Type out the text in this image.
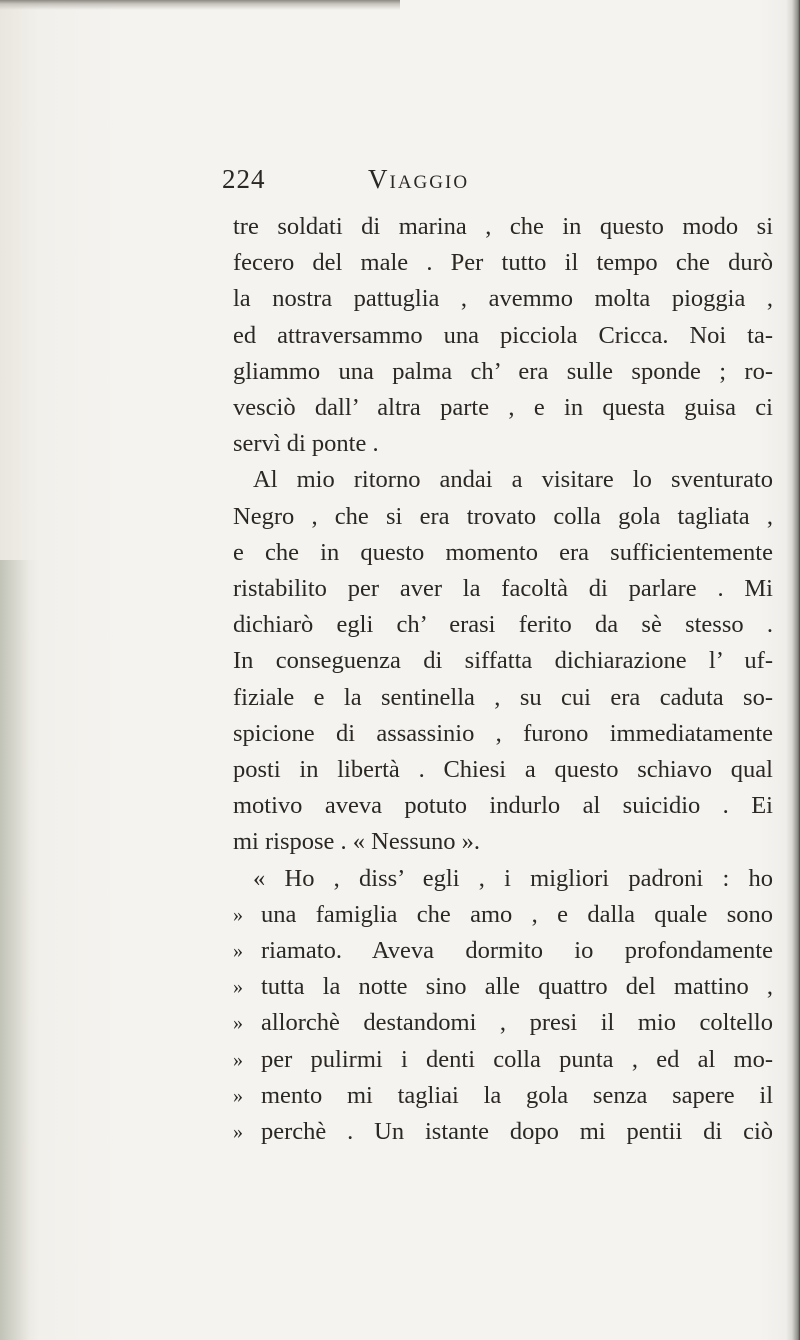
224	Viaggio
tre soldati di marina , che in questo modo si
fecero del male . Per tutto il tempo che durò
la nostra pattuglia , avemmo molta pioggia ,
ed attraversammo una picciola Cricca. Noi ta-
gliammo una palma ch’ era sulle sponde ; ro-
vesciò dall’ altra parte , e in questa guisa ci
servì di ponte .
Al mio ritorno andai a visitare lo sventurato
Negro , che si era trovato colla gola tagliata ,
e che in questo momento era sufficientemente
ristabilito per aver la facoltà di parlare . Mi
dichiarò egli ch’ erasi ferito da sè stesso .
In conseguenza di siffatta dichiarazione l’ uf-
fiziale e la sentinella , su cui era caduta so-
spicione di assassinio , furono immediatamente
posti in libertà . Chiesi a questo schiavo qual
motivo aveva potuto indurlo al suicidio . Ei
mi rispose . « Nessuno ».
« Ho , diss’ egli , i migliori padroni : ho
» una famiglia che amo , e dalla quale sono
» riamato. Aveva dormito io profondamente
» tutta la notte sino alle quattro del mattino ,
» allorchè destandomi , presi il mio coltello
» per pulirmi i denti colla punta , ed al mo-
» mento mi tagliai la gola senza sapere il
» perchè . Un istante dopo mi pentii di ciò
